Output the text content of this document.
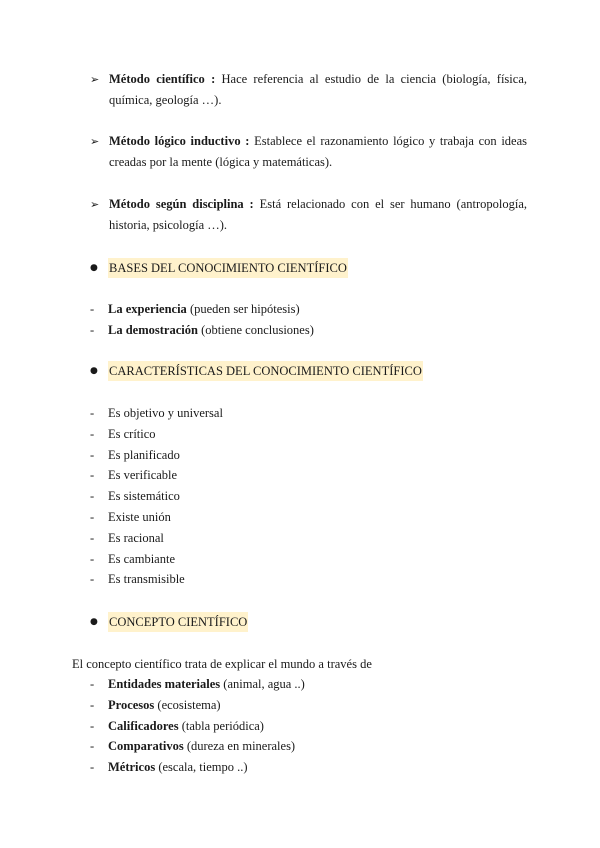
➢ Método científico : Hace referencia al estudio de la ciencia (biología, física, química, geología …).
➢ Método lógico inductivo : Establece el razonamiento lógico y trabaja con ideas creadas por la mente (lógica y matemáticas).
➢ Método según disciplina : Está relacionado con el ser humano (antropología, historia, psicología …).
● BASES DEL CONOCIMIENTO CIENTÍFICO
- La experiencia (pueden ser hipótesis)
- La demostración (obtiene conclusiones)
● CARACTERÍSTICAS DEL CONOCIMIENTO CIENTÍFICO
- Es objetivo y universal
- Es crítico
- Es planificado
- Es verificable
- Es sistemático
- Existe unión
- Es racional
- Es cambiante
- Es transmisible
● CONCEPTO CIENTÍFICO
El concepto científico trata de explicar el mundo a través de
- Entidades materiales (animal, agua ..)
- Procesos (ecosistema)
- Calificadores (tabla periódica)
- Comparativos (dureza en minerales)
- Métricos (escala, tiempo ..)
